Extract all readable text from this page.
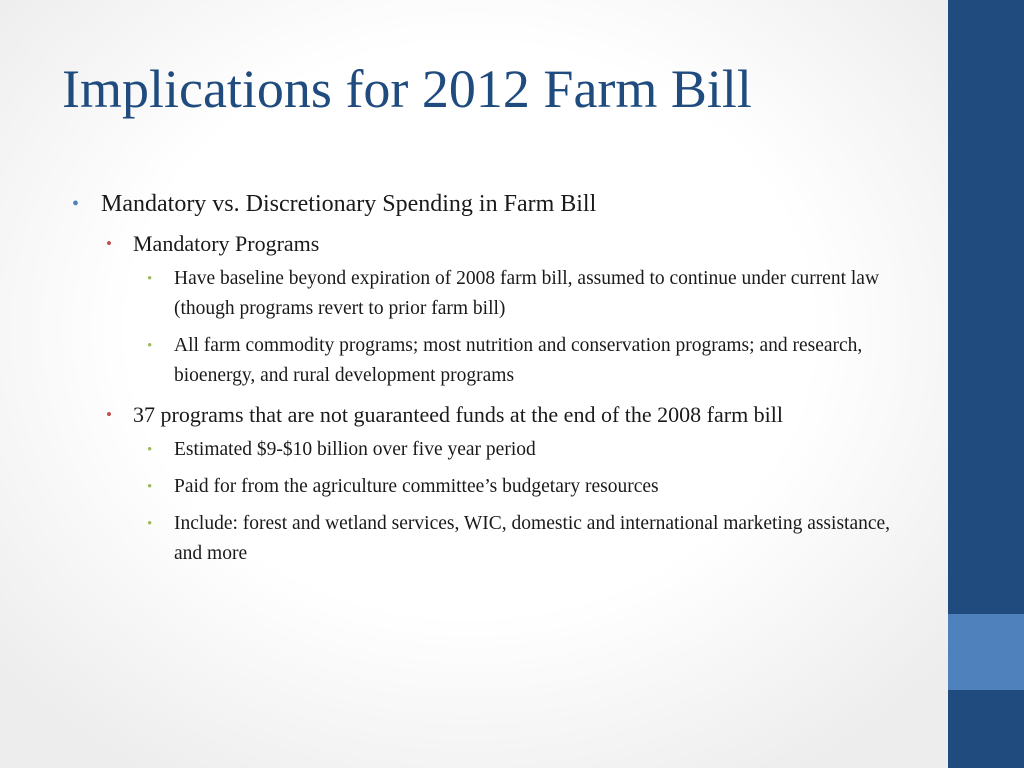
Implications for 2012 Farm Bill
• Mandatory vs. Discretionary Spending in Farm Bill
• Mandatory Programs
• Have baseline beyond expiration of 2008 farm bill, assumed to continue under current law (though programs revert to prior farm bill)
• All farm commodity programs; most nutrition and conservation programs; and research, bioenergy, and rural development programs
• 37 programs that are not guaranteed funds at the end of the 2008 farm bill
• Estimated $9-$10 billion over five year period
• Paid for from the agriculture committee’s budgetary resources
• Include: forest and wetland services, WIC, domestic and international marketing assistance, and more
